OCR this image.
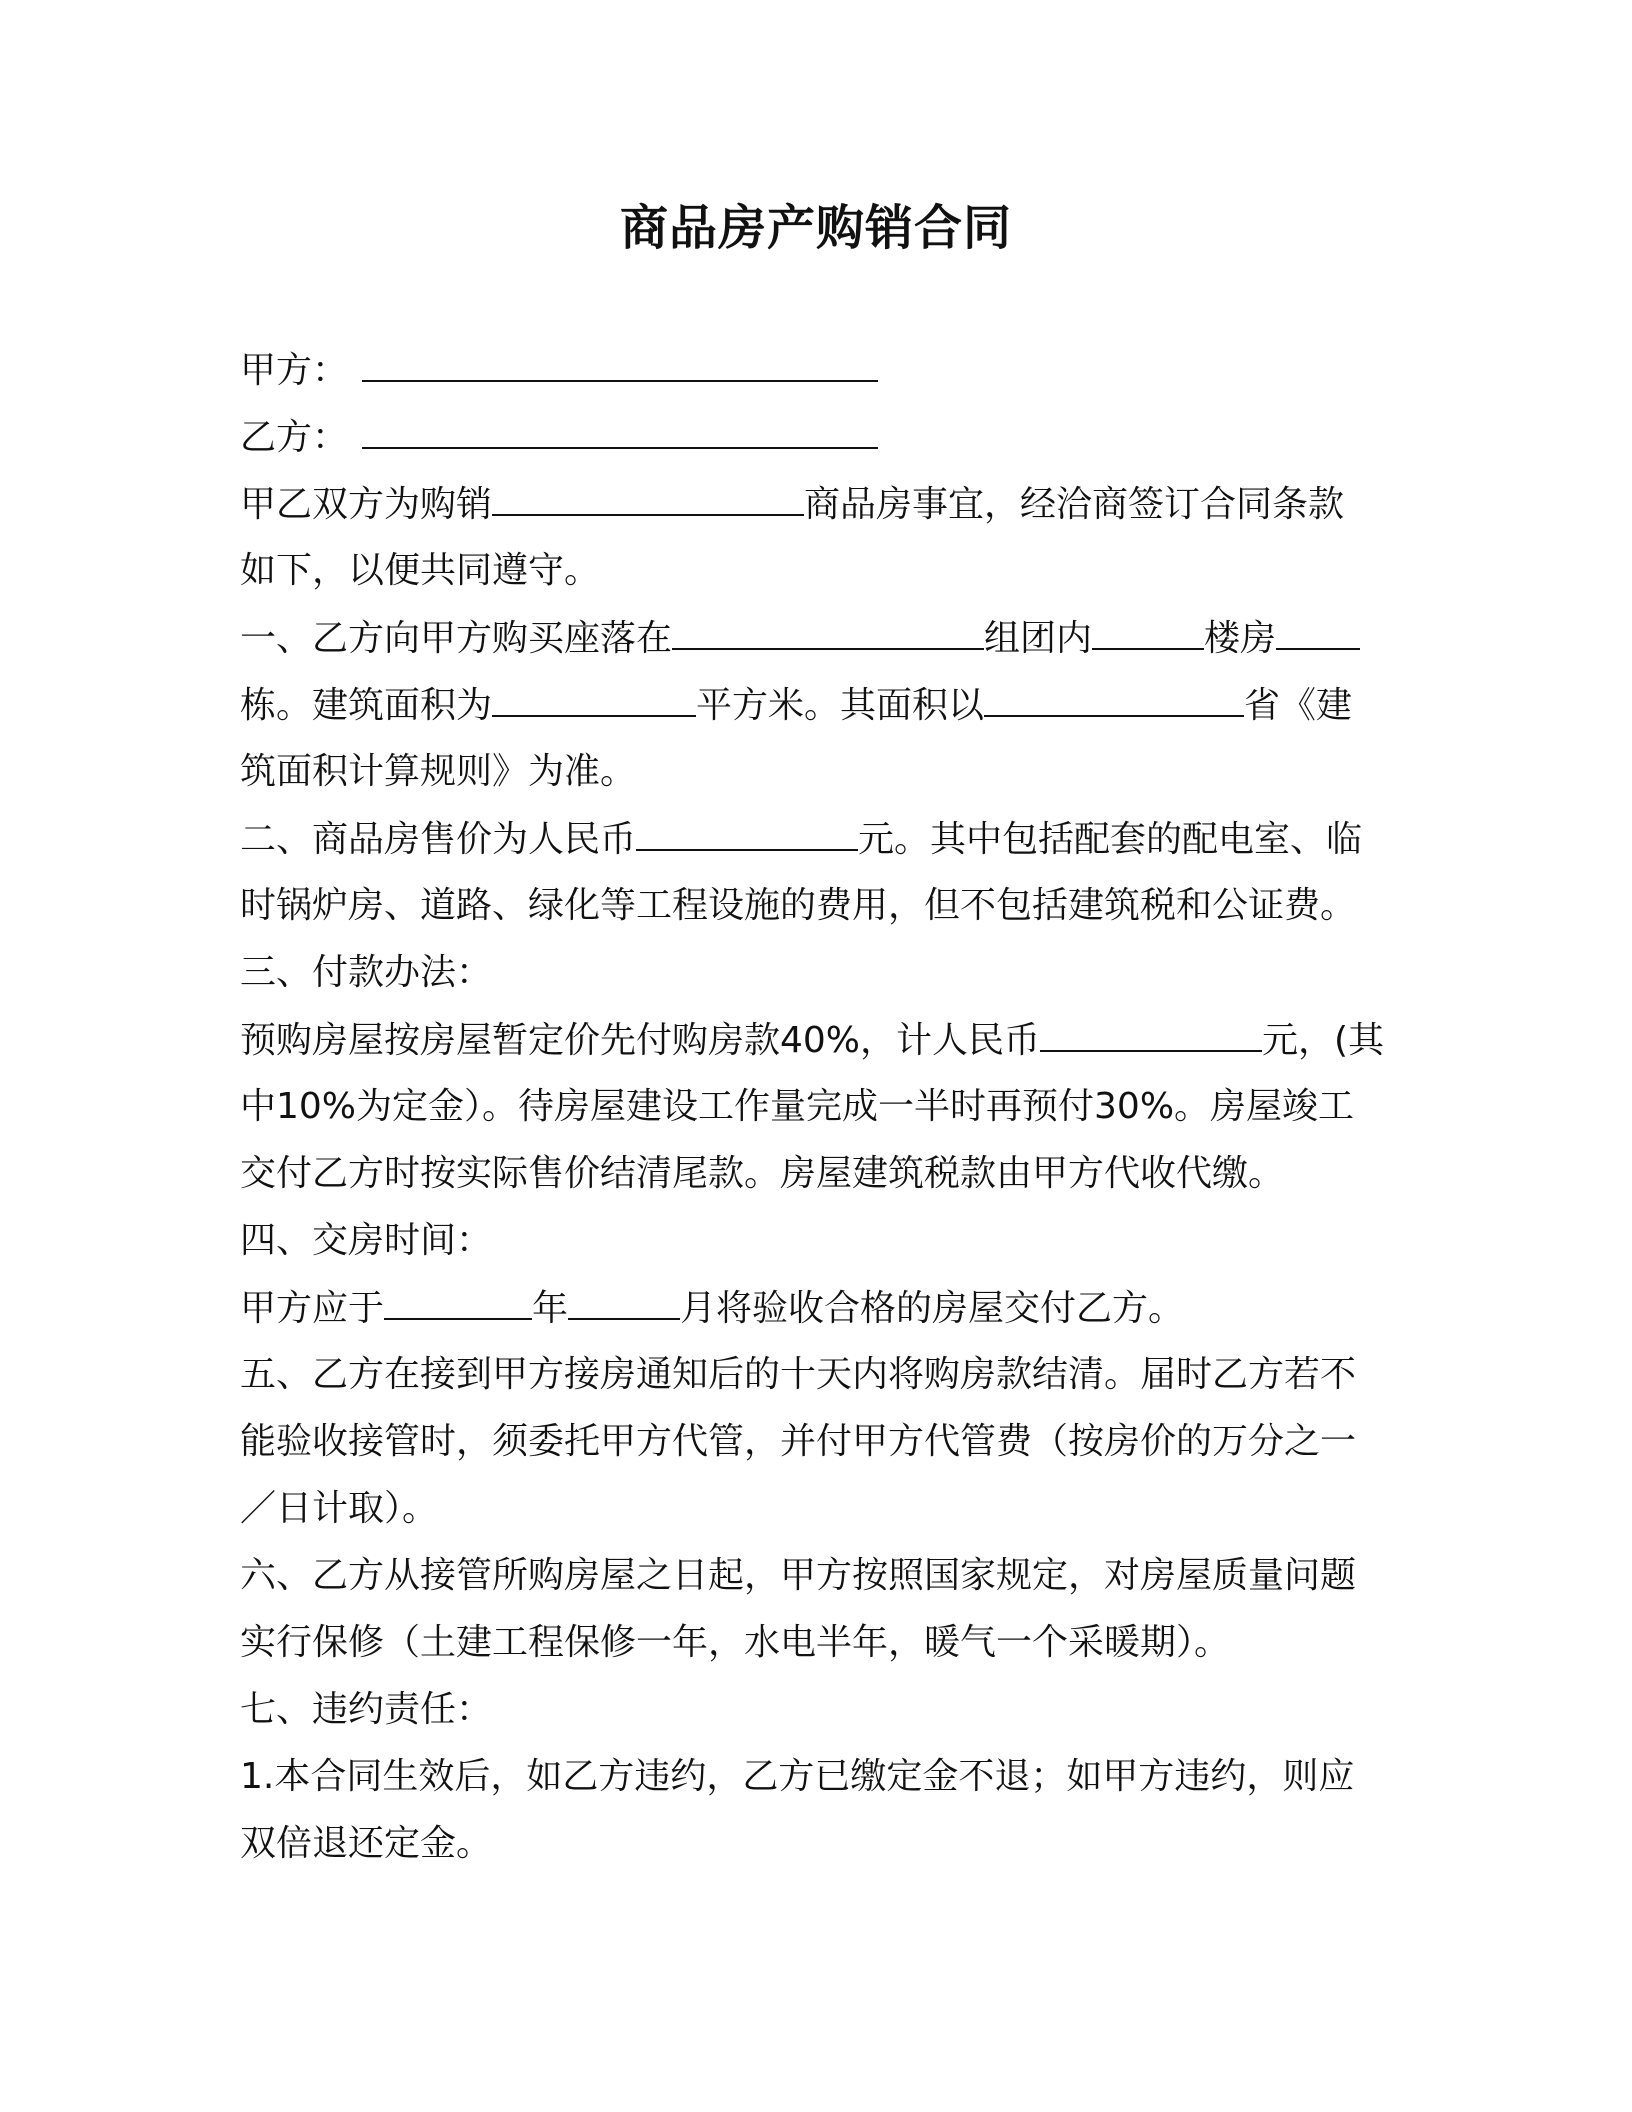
商品房产购销合同
甲方：
乙方：
甲乙双方为购销	商品房事宜，经洽商签订合同条款
如下，以便共同遵守。
一、乙方向甲方购买座落在	组团内	楼房
栋。建筑面积为	平方米。其面积以	省《建
筑面积计算规则》为准。
二、商品房售价为人民币	元。其中包括配套的配电室、临
时锅炉房、道路、绿化等工程设施的费用，但不包括建筑税和公证费。
三、付款办法：
预购房屋按房屋暂定价先付购房款40%，计人民币	元，(其
中10%为定金）。待房屋建设工作量完成一半时再预付30%。房屋竣工
交付乙方时按实际售价结清尾款。房屋建筑税款由甲方代收代缴。
四、交房时间：
甲方应于	年	月将验收合格的房屋交付乙方。
五、乙方在接到甲方接房通知后的十天内将购房款结清。届时乙方若不
能验收接管时，须委托甲方代管，并付甲方代管费（按房价的万分之一
／日计取）。
六、乙方从接管所购房屋之日起，甲方按照国家规定，对房屋质量问题
实行保修（土建工程保修一年，水电半年，暖气一个采暖期）。
七、违约责任：
1.本合同生效后，如乙方违约，乙方已缴定金不退；如甲方违约，则应
双倍退还定金。
